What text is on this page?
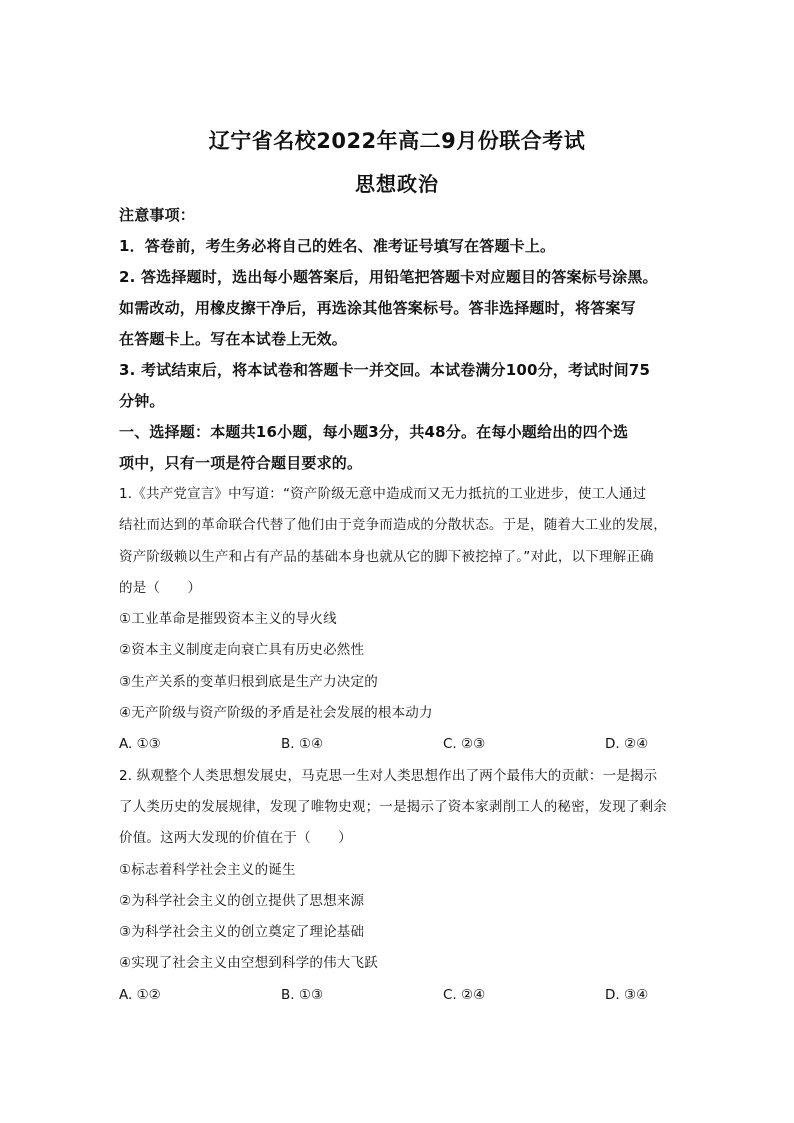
辽宁省名校2022年高二9月份联合考试
思想政治
注意事项：
1．答卷前，考生务必将自己的姓名、准考证号填写在答题卡上。
2. 答选择题时，选出每小题答案后，用铅笔把答题卡对应题目的答案标号涂黑。
如需改动，用橡皮擦干净后，再选涂其他答案标号。答非选择题时，将答案写
在答题卡上。写在本试卷上无效。
3. 考试结束后，将本试卷和答题卡一并交回。本试卷满分100分，考试时间75
分钟。
一、选择题：本题共16小题，每小题3分，共48分。在每小题给出的四个选
项中，只有一项是符合题目要求的。
1.《共产党宣言》中写道：“资产阶级无意中造成而又无力抵抗的工业进步，使工人通过
结社而达到的革命联合代替了他们由于竞争而造成的分散状态。于是，随着大工业的发展，
资产阶级赖以生产和占有产品的基础本身也就从它的脚下被挖掉了。”对此，以下理解正确
的是（　　）
①工业革命是摧毁资本主义的导火线
②资本主义制度走向衰亡具有历史必然性
③生产关系的变革归根到底是生产力决定的
④无产阶级与资产阶级的矛盾是社会发展的根本动力
A. ①③	B. ①④	C. ②③	D. ②④
2. 纵观整个人类思想发展史，马克思一生对人类思想作出了两个最伟大的贡献：一是揭示
了人类历史的发展规律，发现了唯物史观；一是揭示了资本家剥削工人的秘密，发现了剩余
价值。这两大发现的价值在于（　　）
①标志着科学社会主义的诞生
②为科学社会主义的创立提供了思想来源
③为科学社会主义的创立奠定了理论基础
④实现了社会主义由空想到科学的伟大飞跃
A. ①②	B. ①③	C. ②④	D. ③④
